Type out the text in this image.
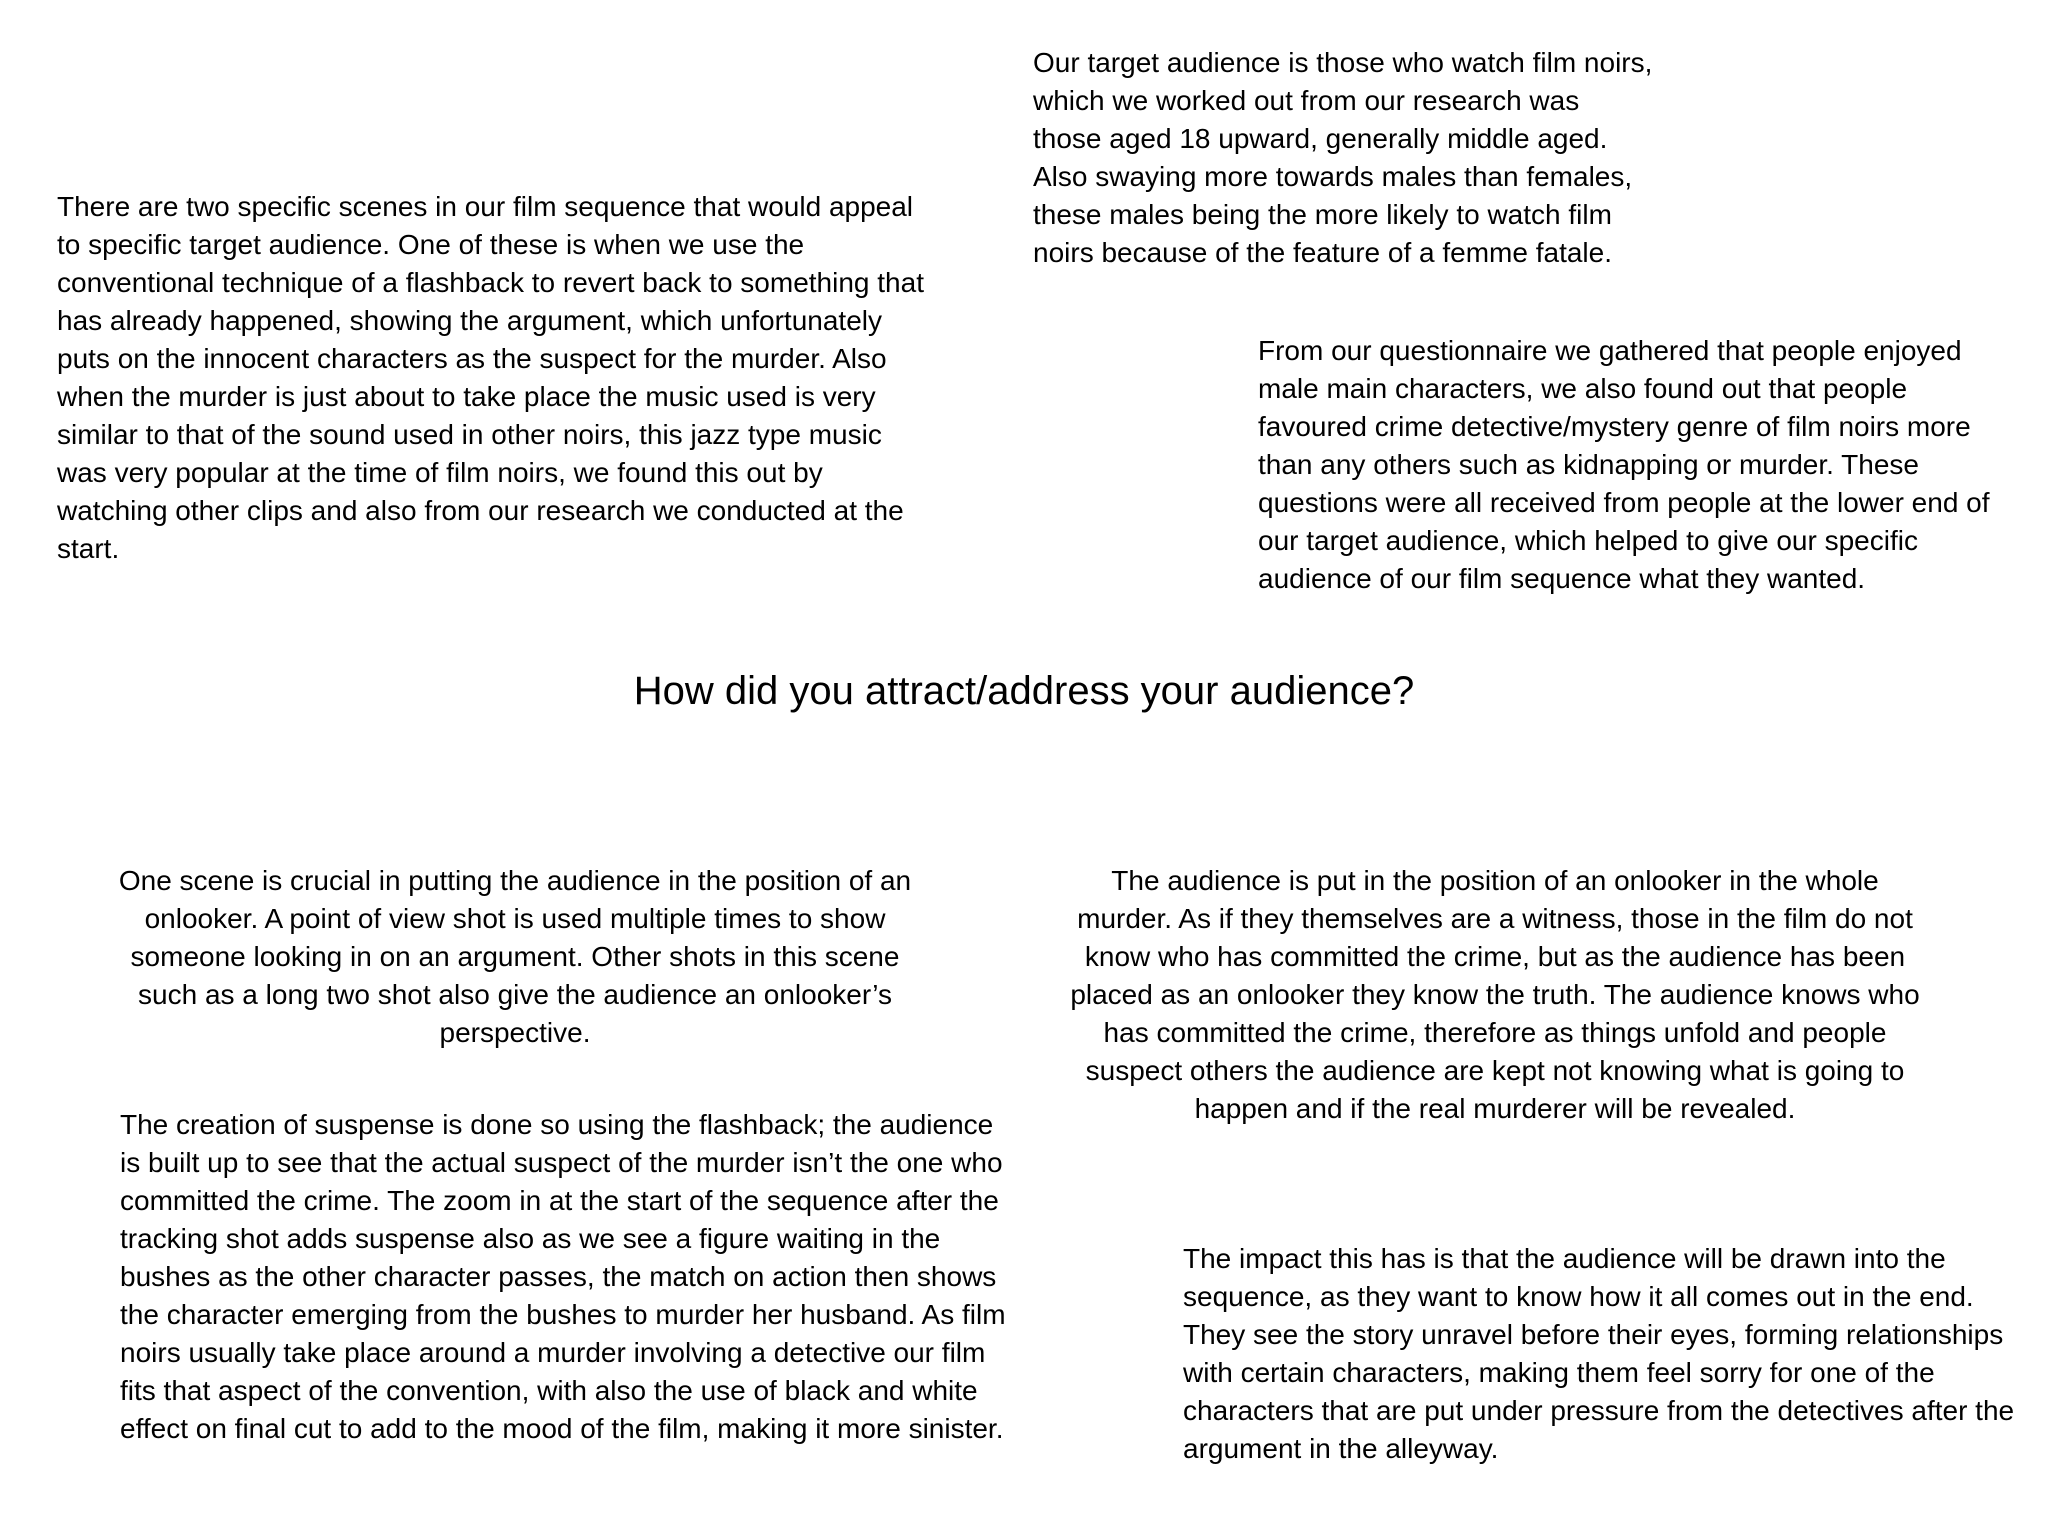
Our target audience is those who watch film noirs, which we worked out from our research was those aged 18 upward, generally middle aged. Also swaying more towards males than females, these males being the more likely to watch film noirs because of the feature of a femme fatale.

There are two specific scenes in our film sequence that would appeal to specific target audience. One of these is when we use the conventional technique of a flashback to revert back to something that has already happened, showing the argument, which unfortunately puts on the innocent characters as the suspect for the murder. Also when the murder is just about to take place the music used is very similar to that of the sound used in other noirs, this jazz type music was very popular at the time of film noirs, we found this out by watching other clips and also from our research we conducted at the start.

From our questionnaire we gathered that people enjoyed male main characters, we also found out that people favoured crime detective/mystery genre of film noirs more than any others such as kidnapping or murder. These questions were all received from people at the lower end of our target audience, which helped to give our specific audience of our film sequence what they wanted.

How did you attract/address your audience?

One scene is crucial in putting the audience in the position of an onlooker. A point of view shot is used multiple times to show someone looking in on an argument. Other shots in this scene such as a long two shot also give the audience an onlooker’s perspective.

The audience is put in the position of an onlooker in the whole murder. As if they themselves are a witness, those in the film do not know who has committed the crime, but as the audience has been placed as an onlooker they know the truth. The audience knows who has committed the crime, therefore as things unfold and people suspect others the audience are kept not knowing what is going to happen and if the real murderer will be revealed.

The creation of suspense is done so using the flashback; the audience is built up to see that the actual suspect of the murder isn’t the one who committed the crime. The zoom in at the start of the sequence after the tracking shot adds suspense also as we see a figure waiting in the bushes as the other character passes, the match on action then shows the character emerging from the bushes to murder her husband. As film noirs usually take place around a murder involving a detective our film fits that aspect of the convention, with also the use of black and white effect on final cut to add to the mood of the film, making it more sinister.

The impact this has is that the audience will be drawn into the sequence, as they want to know how it all comes out in the end. They see the story unravel before their eyes, forming relationships with certain characters, making them feel sorry for one of the characters that are put under pressure from the detectives after the argument in the alleyway.
